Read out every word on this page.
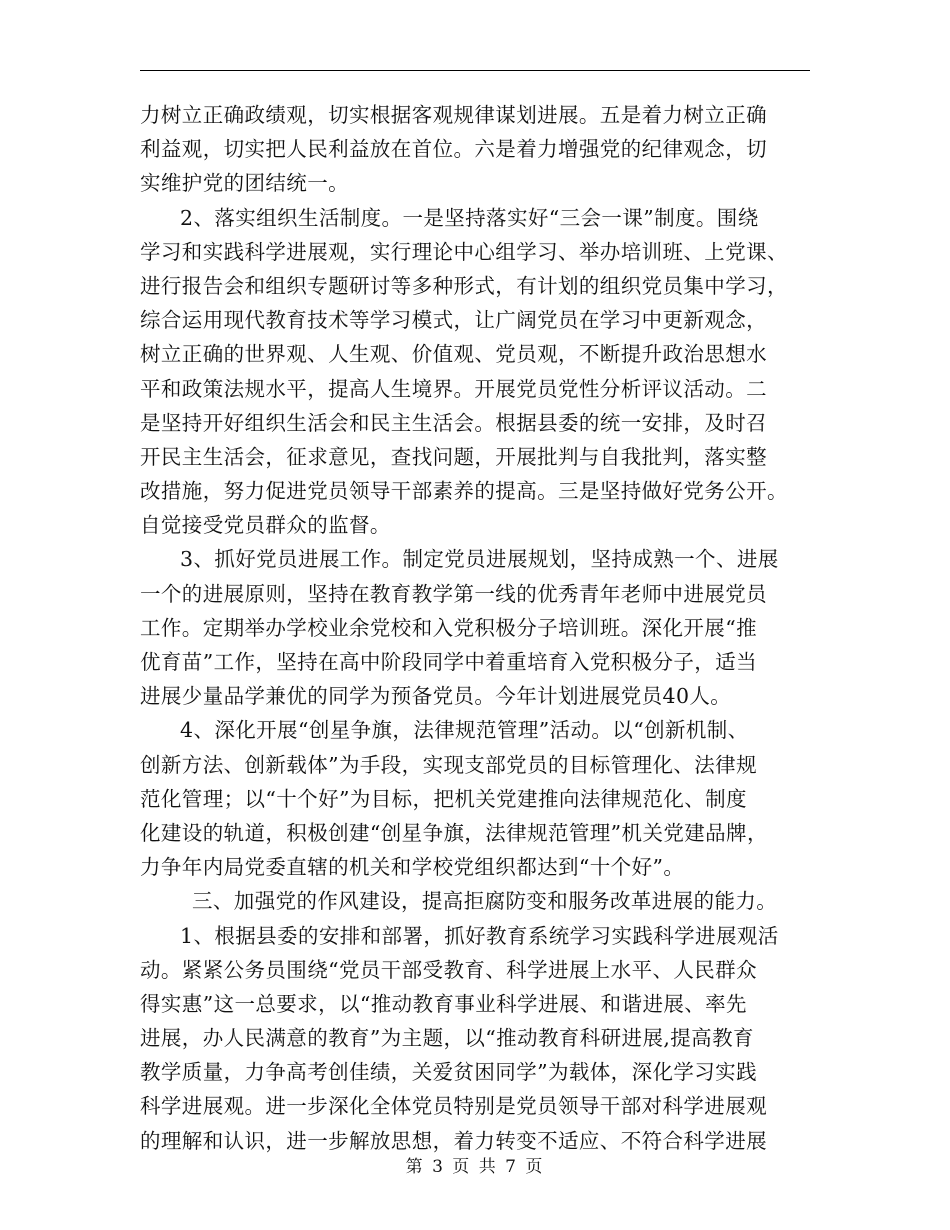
力树立正确政绩观，切实根据客观规律谋划进展。五是着力树立正确
利益观，切实把人民利益放在首位。六是着力增强党的纪律观念，切
实维护党的团结统一。
2、落实组织生活制度。一是坚持落实好“三会一课”制度。围绕
学习和实践科学进展观，实行理论中心组学习、举办培训班、上党课、
进行报告会和组织专题研讨等多种形式，有计划的组织党员集中学习，
综合运用现代教育技术等学习模式，让广阔党员在学习中更新观念，
树立正确的世界观、人生观、价值观、党员观，不断提升政治思想水
平和政策法规水平，提高人生境界。开展党员党性分析评议活动。二
是坚持开好组织生活会和民主生活会。根据县委的统一安排，及时召
开民主生活会，征求意见，查找问题，开展批判与自我批判，落实整
改措施，努力促进党员领导干部素养的提高。三是坚持做好党务公开。
自觉接受党员群众的监督。
3、抓好党员进展工作。制定党员进展规划，坚持成熟一个、进展
一个的进展原则，坚持在教育教学第一线的优秀青年老师中进展党员
工作。定期举办学校业余党校和入党积极分子培训班。深化开展“推
优育苗”工作，坚持在高中阶段同学中着重培育入党积极分子，适当
进展少量品学兼优的同学为预备党员。今年计划进展党员40人。
4、深化开展“创星争旗，法律规范管理”活动。以“创新机制、
创新方法、创新载体”为手段，实现支部党员的目标管理化、法律规
范化管理；以“十个好”为目标，把机关党建推向法律规范化、制度
化建设的轨道，积极创建“创星争旗，法律规范管理”机关党建品牌，
力争年内局党委直辖的机关和学校党组织都达到“十个好”。
三、加强党的作风建设，提高拒腐防变和服务改革进展的能力。
1、根据县委的安排和部署，抓好教育系统学习实践科学进展观活
动。紧紧公务员围绕“党员干部受教育、科学进展上水平、人民群众
得实惠”这一总要求，以“推动教育事业科学进展、和谐进展、率先
进展，办人民满意的教育”为主题，以“推动教育科研进展,提高教育
教学质量，力争高考创佳绩，关爱贫困同学”为载体，深化学习实践
科学进展观。进一步深化全体党员特别是党员领导干部对科学进展观
的理解和认识，进一步解放思想，着力转变不适应、不符合科学进展
第 3 页 共 7 页
